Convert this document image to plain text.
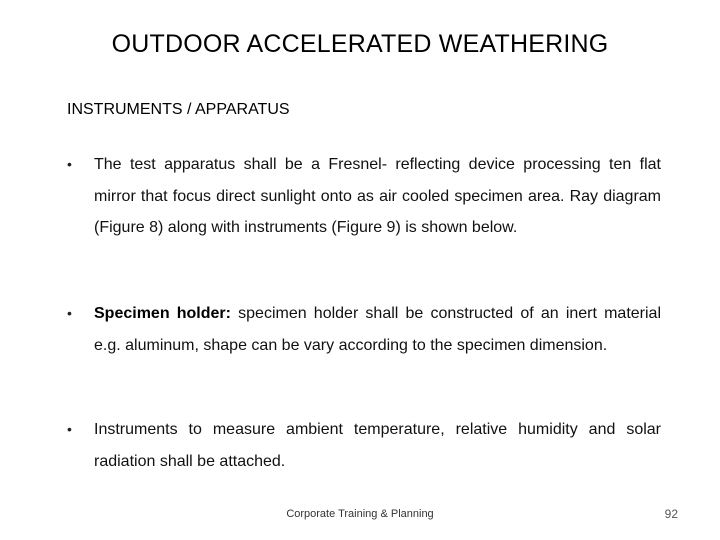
OUTDOOR ACCELERATED WEATHERING
INSTRUMENTS / APPARATUS
•	The test apparatus shall be a Fresnel- reflecting device processing ten flat mirror that focus direct sunlight onto as air cooled specimen area. Ray diagram (Figure 8) along with instruments (Figure 9) is shown below.
•	Specimen holder: specimen holder shall be constructed of an inert material e.g. aluminum, shape can be vary according to the specimen dimension.
•	Instruments to measure ambient temperature, relative humidity and solar radiation shall be attached.
Corporate Training & Planning	92
